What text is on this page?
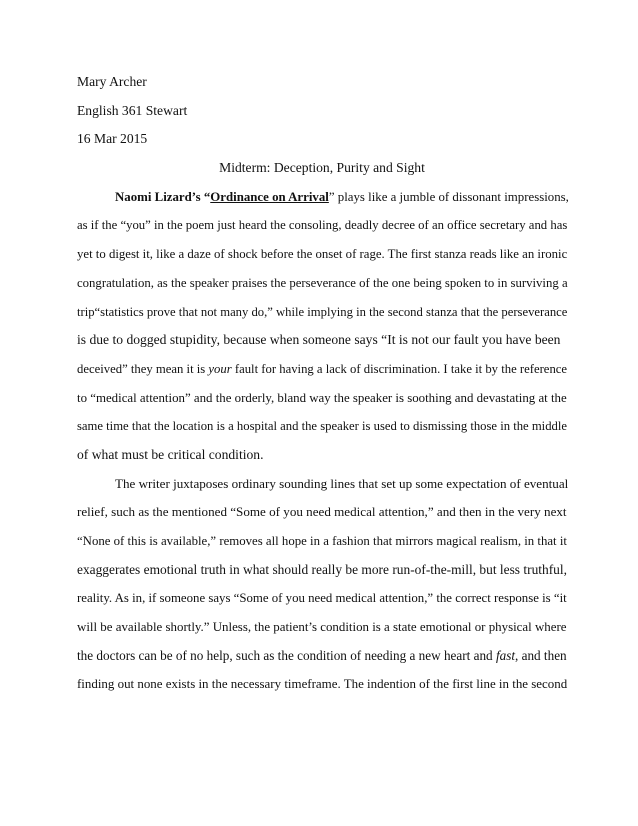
Mary Archer
English 361 Stewart
16 Mar 2015
Midterm: Deception, Purity and Sight
Naomi Lizard’s “Ordinance on Arrival” plays like a jumble of dissonant impressions,
as if the “you” in the poem just heard the consoling, deadly decree of an office secretary and has
yet to digest it, like a daze of shock before the onset of rage. The first stanza reads like an ironic
congratulation, as the speaker praises the perseverance of the one being spoken to in surviving a
trip“statistics prove that not many do,” while implying in the second stanza that the perseverance
is due to dogged stupidity, because when someone says “It is not our fault you have been
deceived” they mean it is your fault for having a lack of discrimination. I take it by the reference
to “medical attention” and the orderly, bland way the speaker is soothing and devastating at the
same time that the location is a hospital and the speaker is used to dismissing those in the middle
of what must be critical condition.
The writer juxtaposes ordinary sounding lines that set up some expectation of eventual
relief, such as the mentioned “Some of you need medical attention,” and then in the very next
“None of this is available,” removes all hope in a fashion that mirrors magical realism, in that it
exaggerates emotional truth in what should really be more run-of-the-mill, but less truthful,
reality. As in, if someone says “Some of you need medical attention,” the correct response is “it
will be available shortly.” Unless, the patient’s condition is a state emotional or physical where
the doctors can be of no help, such as the condition of needing a new heart and fast, and then
finding out none exists in the necessary timeframe. The indention of the first line in the second
